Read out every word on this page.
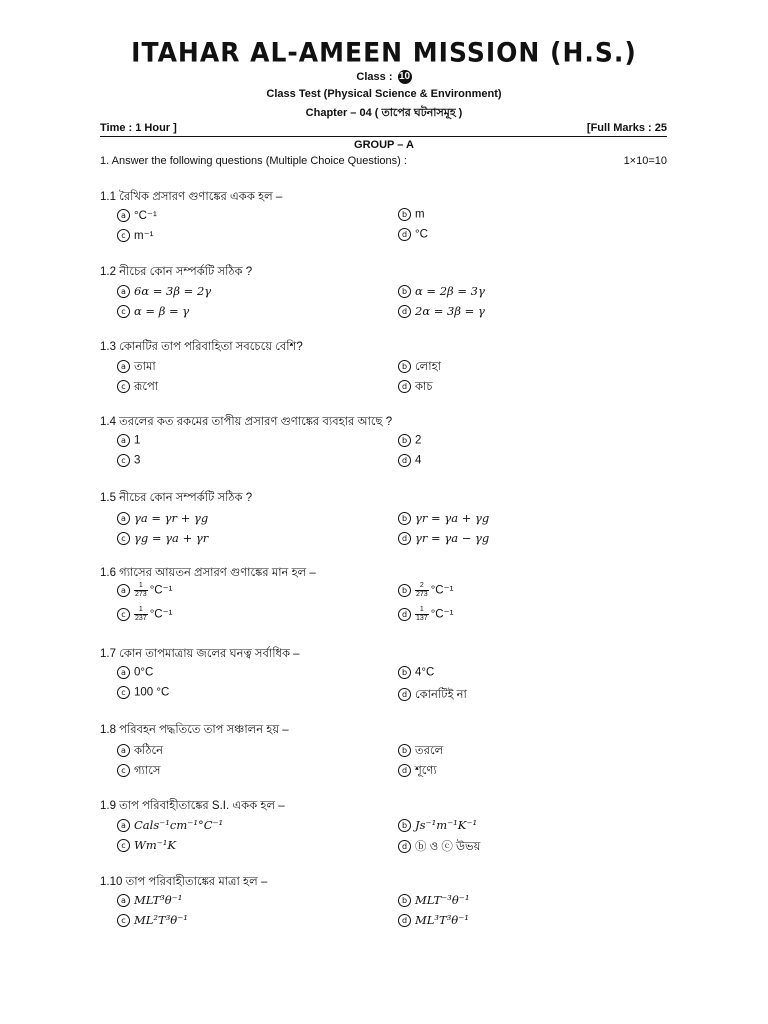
ITAHAR AL-AMEEN MISSION (H.S.)
Class : 10
Class Test (Physical Science & Environment)
Chapter – 04 ( তাপের ঘটনাসমূহ )
Time : 1 Hour ]	[Full Marks : 25
GROUP – A
1. Answer the following questions (Multiple Choice Questions) :	1×10=10
1.1 রৈখিক প্রসারণ গুণাঙ্কের একক হল –
a °C⁻¹	b m
c m⁻¹	d °C
1.2 নীচের কোন সম্পর্কটি সঠিক ?
a 6α = 3β = 2γ	b α = 2β = 3γ
c α = β = γ	d 2α = 3β = γ
1.3 কোনটির তাপ পরিবাহিতা সবচেয়ে বেশি?
a তামা	b লোহা
c রূপো	d কাচ
1.4 তরলের কত রকমের তাপীয় প্রসারণ গুণাঙ্কের ব্যবহার আছে ?
a 1	b 2
c 3	d 4
1.5 নীচের কোন সম্পর্কটি সঠিক ?
a γa = γr + γg	b γr = γa + γg
c γg = γa + γr	d γr = γa − γg
1.6 গ্যাসের আয়তন প্রসারণ গুণাঙ্কের মান হল –
a $\frac{1}{273} ^\circ C^{-1}$	b $\frac{2}{273} ^\circ C^{-1}$
c $\frac{1}{237} ^\circ C^{-1}$	d $\frac{1}{137} ^\circ C^{-1}$
1.7 কোন তাপমাত্রায় জলের ঘনত্ব সর্বাধিক –
a 0°C	b 4°C
c 100 °C	d কোনটিই না
1.8 পরিবহন পদ্ধতিতে তাপ সঞ্চালন হয় –
a কঠিনে	b তরলে
c গ্যাসে	d শূণ্যে
1.9 তাপ পরিবাহীতাঙ্কের S.I. একক হল –
a Cals⁻¹cm⁻¹°C⁻¹	b Js⁻¹m⁻¹K⁻¹
c Wm⁻¹K	d ⓑ ও ⓒ উভয়
1.10 তাপ পরিবাহীতাঙ্কের মাত্রা হল –
a MLT³θ⁻¹	b MLT⁻³θ⁻¹
c ML²T³θ⁻¹	d ML³T³θ⁻¹
